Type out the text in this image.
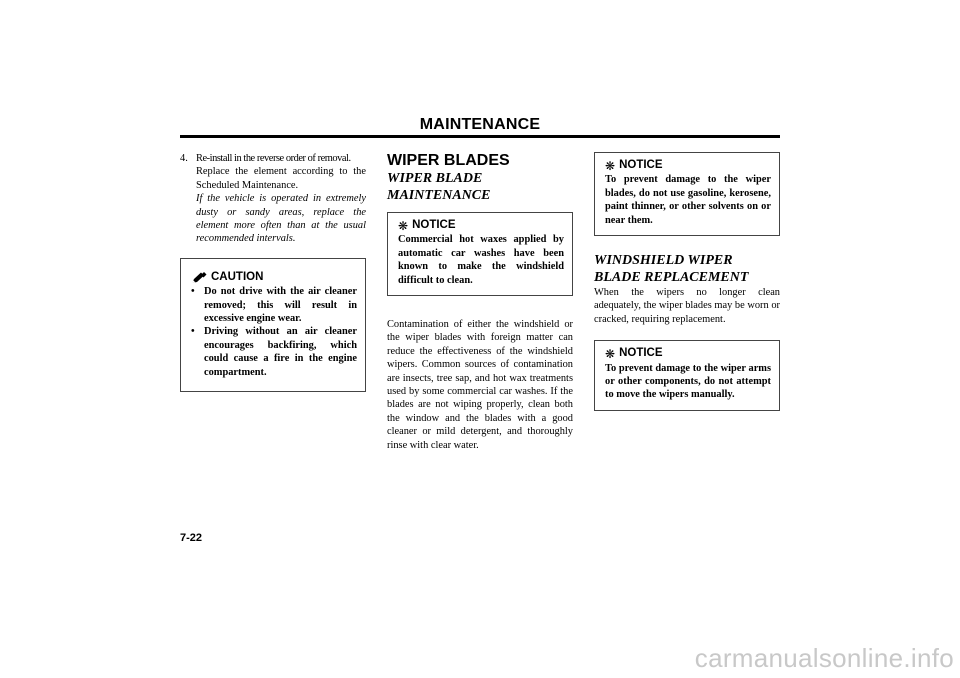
MAINTENANCE
4. Re-install in the reverse order of removal.
Replace the element according to the Scheduled Maintenance.
If the vehicle is operated in extremely dusty or sandy areas, replace the element more often than at the usual recommended intervals.
CAUTION
• Do not drive with the air cleaner removed; this will result in excessive engine wear.
• Driving without an air cleaner encourages backfiring, which could cause a fire in the engine compartment.
WIPER BLADES
WIPER BLADE MAINTENANCE
❋ NOTICE
Commercial hot waxes applied by automatic car washes have been known to make the windshield difficult to clean.

Contamination of either the windshield or the wiper blades with foreign matter can reduce the effectiveness of the windshield wipers. Common sources of contamination are insects, tree sap, and hot wax treatments used by some commercial car washes. If the blades are not wiping properly, clean both the window and the blades with a good cleaner or mild detergent, and thoroughly rinse with clear water.

❋ NOTICE
To prevent damage to the wiper blades, do not use gasoline, kerosene, paint thinner, or other solvents on or near them.
WINDSHIELD WIPER BLADE REPLACEMENT

When the wipers no longer clean adequately, the wiper blades may be worn or cracked, requiring replacement.

❋ NOTICE
To prevent damage to the wiper arms or other components, do not attempt to move the wipers manually.
7-22
carmanualsonline.info
